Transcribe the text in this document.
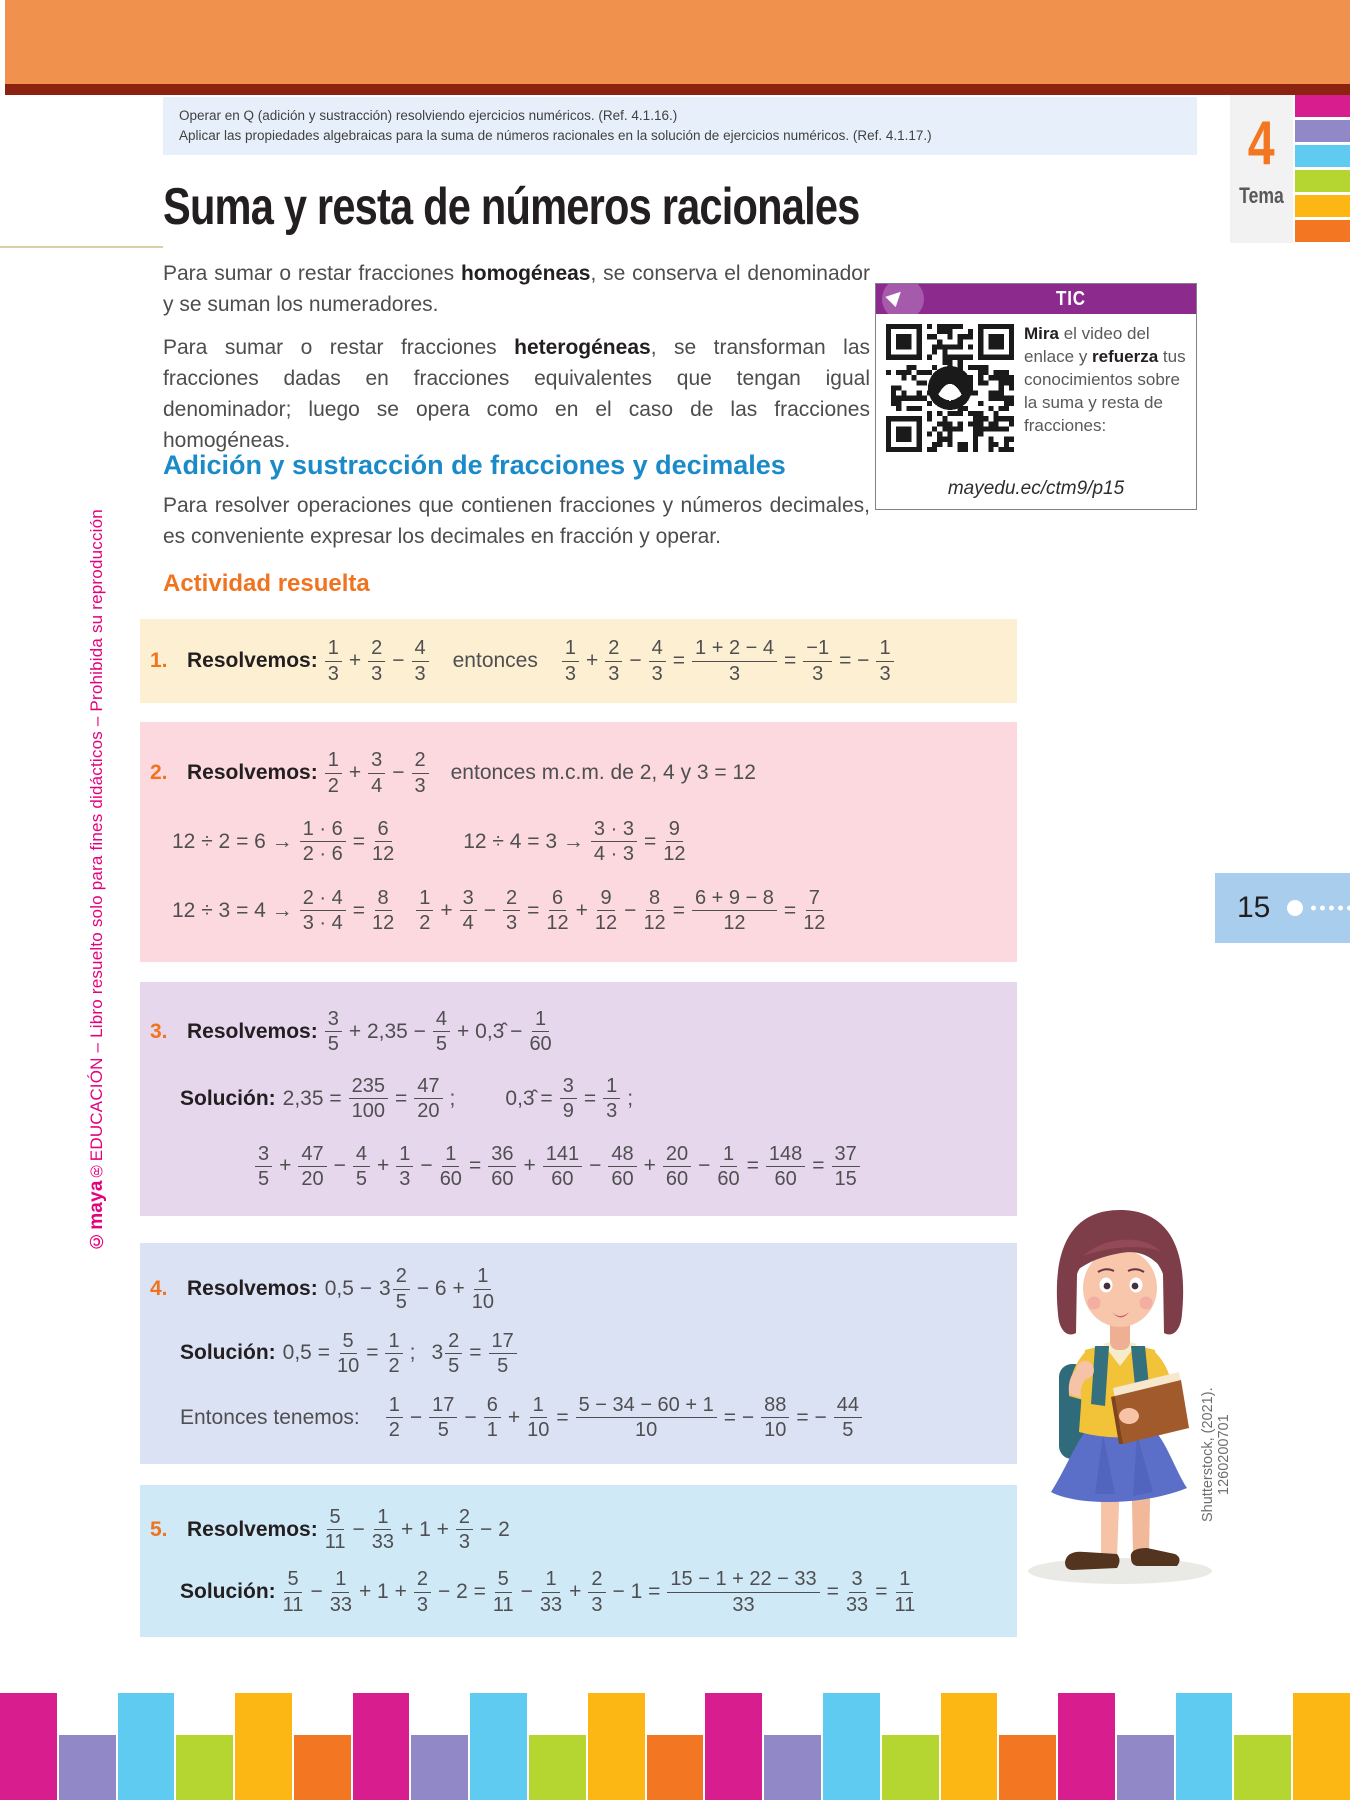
Operar en Q (adición y sustracción) resolviendo ejercicios numéricos. (Ref. 4.1.16.)
Aplicar las propiedades algebraicas para la suma de números racionales en la solución de ejercicios numéricos. (Ref. 4.1.17.)	4
Tema
Suma y resta de números racionales

Para sumar o restar fracciones homogéneas, se conserva el denominador y se suman los numeradores.

Para sumar o restar fracciones heterogéneas, se transforman las fracciones dadas en fracciones equivalentes que tengan igual denominador; luego se opera como en el caso de las fracciones homogéneas.

▶	TIC
Mira el video del enlace y refuerza tus conocimientos sobre la suma y resta de fracciones:
mayedu.ec/ctm9/p15
Adición y sustracción de fracciones y decimales
Para resolver operaciones que contienen fracciones y números decimales, es conveniente expresar los decimales en fracción y operar.
Actividad resuelta
1. Resolvemos: $\frac{1}{3} + \frac{2}{3} - \frac{4}{3}$ entonces $\frac{1}{3} + \frac{2}{3} - \frac{4}{3} = \frac{1 + 2 - 4}{3} = \frac{-1}{3}$ = − $\frac{1}{3}$
2. Resolvemos: $\frac{1}{2} + \frac{3}{4} - \frac{2}{3}$ entonces m.c.m. de 2, 4 y 3 = 12
$12 \div 2 = 6 \to \frac{1 \cdot 6}{2 \cdot 6} = \frac{6}{12}$	$12 \div 4 = 3 \to \frac{3 \cdot 3}{4 \cdot 3} = \frac{9}{12}$
$12 \div 3 = 4 \to \frac{2 \cdot 4}{3 \cdot 4} = \frac{8}{12} \frac{1}{2} + \frac{3}{4} - \frac{2}{3} = \frac{6}{12} + \frac{9}{12} - \frac{8}{12} = \frac{6 + 9 - 8}{12} = \frac{7}{12}$
3. Resolvemos: $\frac{3}{5} + 2,35 - \frac{4}{5}$ + 0,3̂ − $\frac{1}{60}$
Solución: $2,35 = \frac{235}{100} = \frac{47}{20}$ ; 0,3̂ = $\frac{3}{9} = \frac{1}{3}$ ;
$\frac{3}{5} + \frac{47}{20} - \frac{4}{5} + \frac{1}{3} - \frac{1}{60} = \frac{36}{60} + \frac{141}{60} - \frac{48}{60} + \frac{20}{60} - \frac{1}{60} = \frac{148}{60} = \frac{37}{15}$
4. Resolvemos: $0,5 - 3 \frac{2}{5} - 6 + \frac{1}{10}$
Solución: $0,5 = \frac{5}{10} = \frac{1}{2}$ ; $3 \frac{2}{5} = \frac{17}{5}$
Entonces tenemos: $\frac{1}{2} - \frac{17}{5} - \frac{6}{1} + \frac{1}{10} = \frac{5 - 34 - 60 + 1}{10}$ = − $\frac{88}{10}$ = − $\frac{44}{5}$
5. Resolvemos: $\frac{5}{11} - \frac{1}{33} + 1 + \frac{2}{3} - 2$
Solución: $\frac{5}{11} - \frac{1}{33} + 1 + \frac{2}{3} - 2 = \frac{5}{11} - \frac{1}{33} + \frac{2}{3} - 1 = \frac{15 - 1 + 22 - 33}{33} = \frac{3}{33} = \frac{1}{11}$
15
©maya®EDUCACIÓN – Libro resuelto solo para fines didácticos – Prohibida su reproducción
Shutterstock, (2021). 1260200701
